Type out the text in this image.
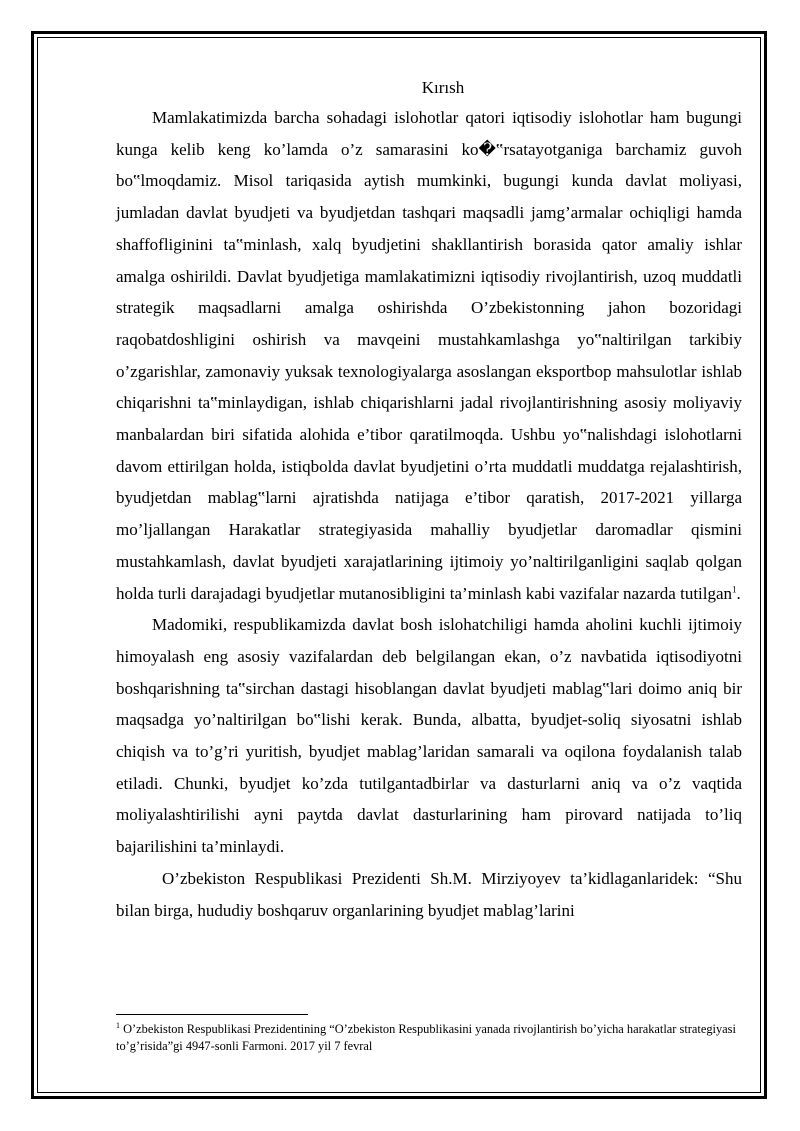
Kırısh

Mamlakatimizda barcha sohadagi islohotlar qatori iqtisodiy islohotlar ham bugungi kunga kelib keng ko’lamda o’z samarasini ko�‟rsatayotganiga barchamiz guvoh bo‟lmoqdamiz. Misol tariqasida aytish mumkinki, bugungi kunda davlat moliyasi, jumladan davlat byudjeti va byudjetdan tashqari maqsadli jamg’armalar ochiqligi hamda shaffofliginini ta‟minlash, xalq byudjetini shakllantirish borasida qator amaliy ishlar amalga oshirildi. Davlat byudjetiga mamlakatimizni iqtisodiy rivojlantirish, uzoq muddatli strategik maqsadlarni amalga oshirishda O’zbekistonning jahon bozoridagi raqobatdoshligini oshirish va mavqeini mustahkamlashga yo‟naltirilgan tarkibiy o’zgarishlar, zamonaviy yuksak texnologiyalarga asoslangan eksportbop mahsulotlar ishlab chiqarishni ta‟minlaydigan, ishlab chiqarishlarni jadal rivojlantirishning asosiy moliyaviy manbalardan biri sifatida alohida e’tibor qaratilmoqda. Ushbu yo‟nalishdagi islohotlarni davom ettirilgan holda, istiqbolda davlat byudjetini o’rta muddatli muddatga rejalashtirish, byudjetdan mablag‟larni ajratishda natijaga e’tibor qaratish, 2017-2021 yillarga mo’ljallangan Harakatlar strategiyasida mahalliy byudjetlar daromadlar qismini mustahkamlash, davlat byudjeti xarajatlarining ijtimoiy yo’naltirilganligini saqlab qolgan holda turli darajadagi byudjetlar mutanosibligini ta’minlash kabi vazifalar nazarda tutilgan$^1$.

Madomiki, respublikamizda davlat bosh islohatchiligi hamda aholini kuchli ijtimoiy himoyalash eng asosiy vazifalardan deb belgilangan ekan, o’z navbatida iqtisodiyotni boshqarishning ta‟sirchan dastagi hisoblangan davlat byudjeti mablag‟lari doimo aniq bir maqsadga yo’naltirilgan bo‟lishi kerak. Bunda, albatta, byudjet-soliq siyosatni ishlab chiqish va to’g’ri yuritish, byudjet mablag’laridan samarali va oqilona foydalanish talab etiladi. Chunki, byudjet ko’zda tutilgantadbirlar va dasturlarni aniq va o’z vaqtida moliyalashtirilishi ayni paytda davlat dasturlarining ham pirovard natijada to’liq bajarilishini ta’minlaydi.

O’zbekiston Respublikasi Prezidenti Sh.M. Mirziyoyev ta’kidlaganlaridek: “Shu bilan birga, hududiy boshqaruv organlarining byudjet mablag’larini

$^1$ O’zbekiston Respublikasi Prezidentining “O’zbekiston Respublikasini yanada rivojlantirish bo’yicha harakatlar strategiyasi to’g’risida”gi 4947-sonli Farmoni. 2017 yil 7 fevral
